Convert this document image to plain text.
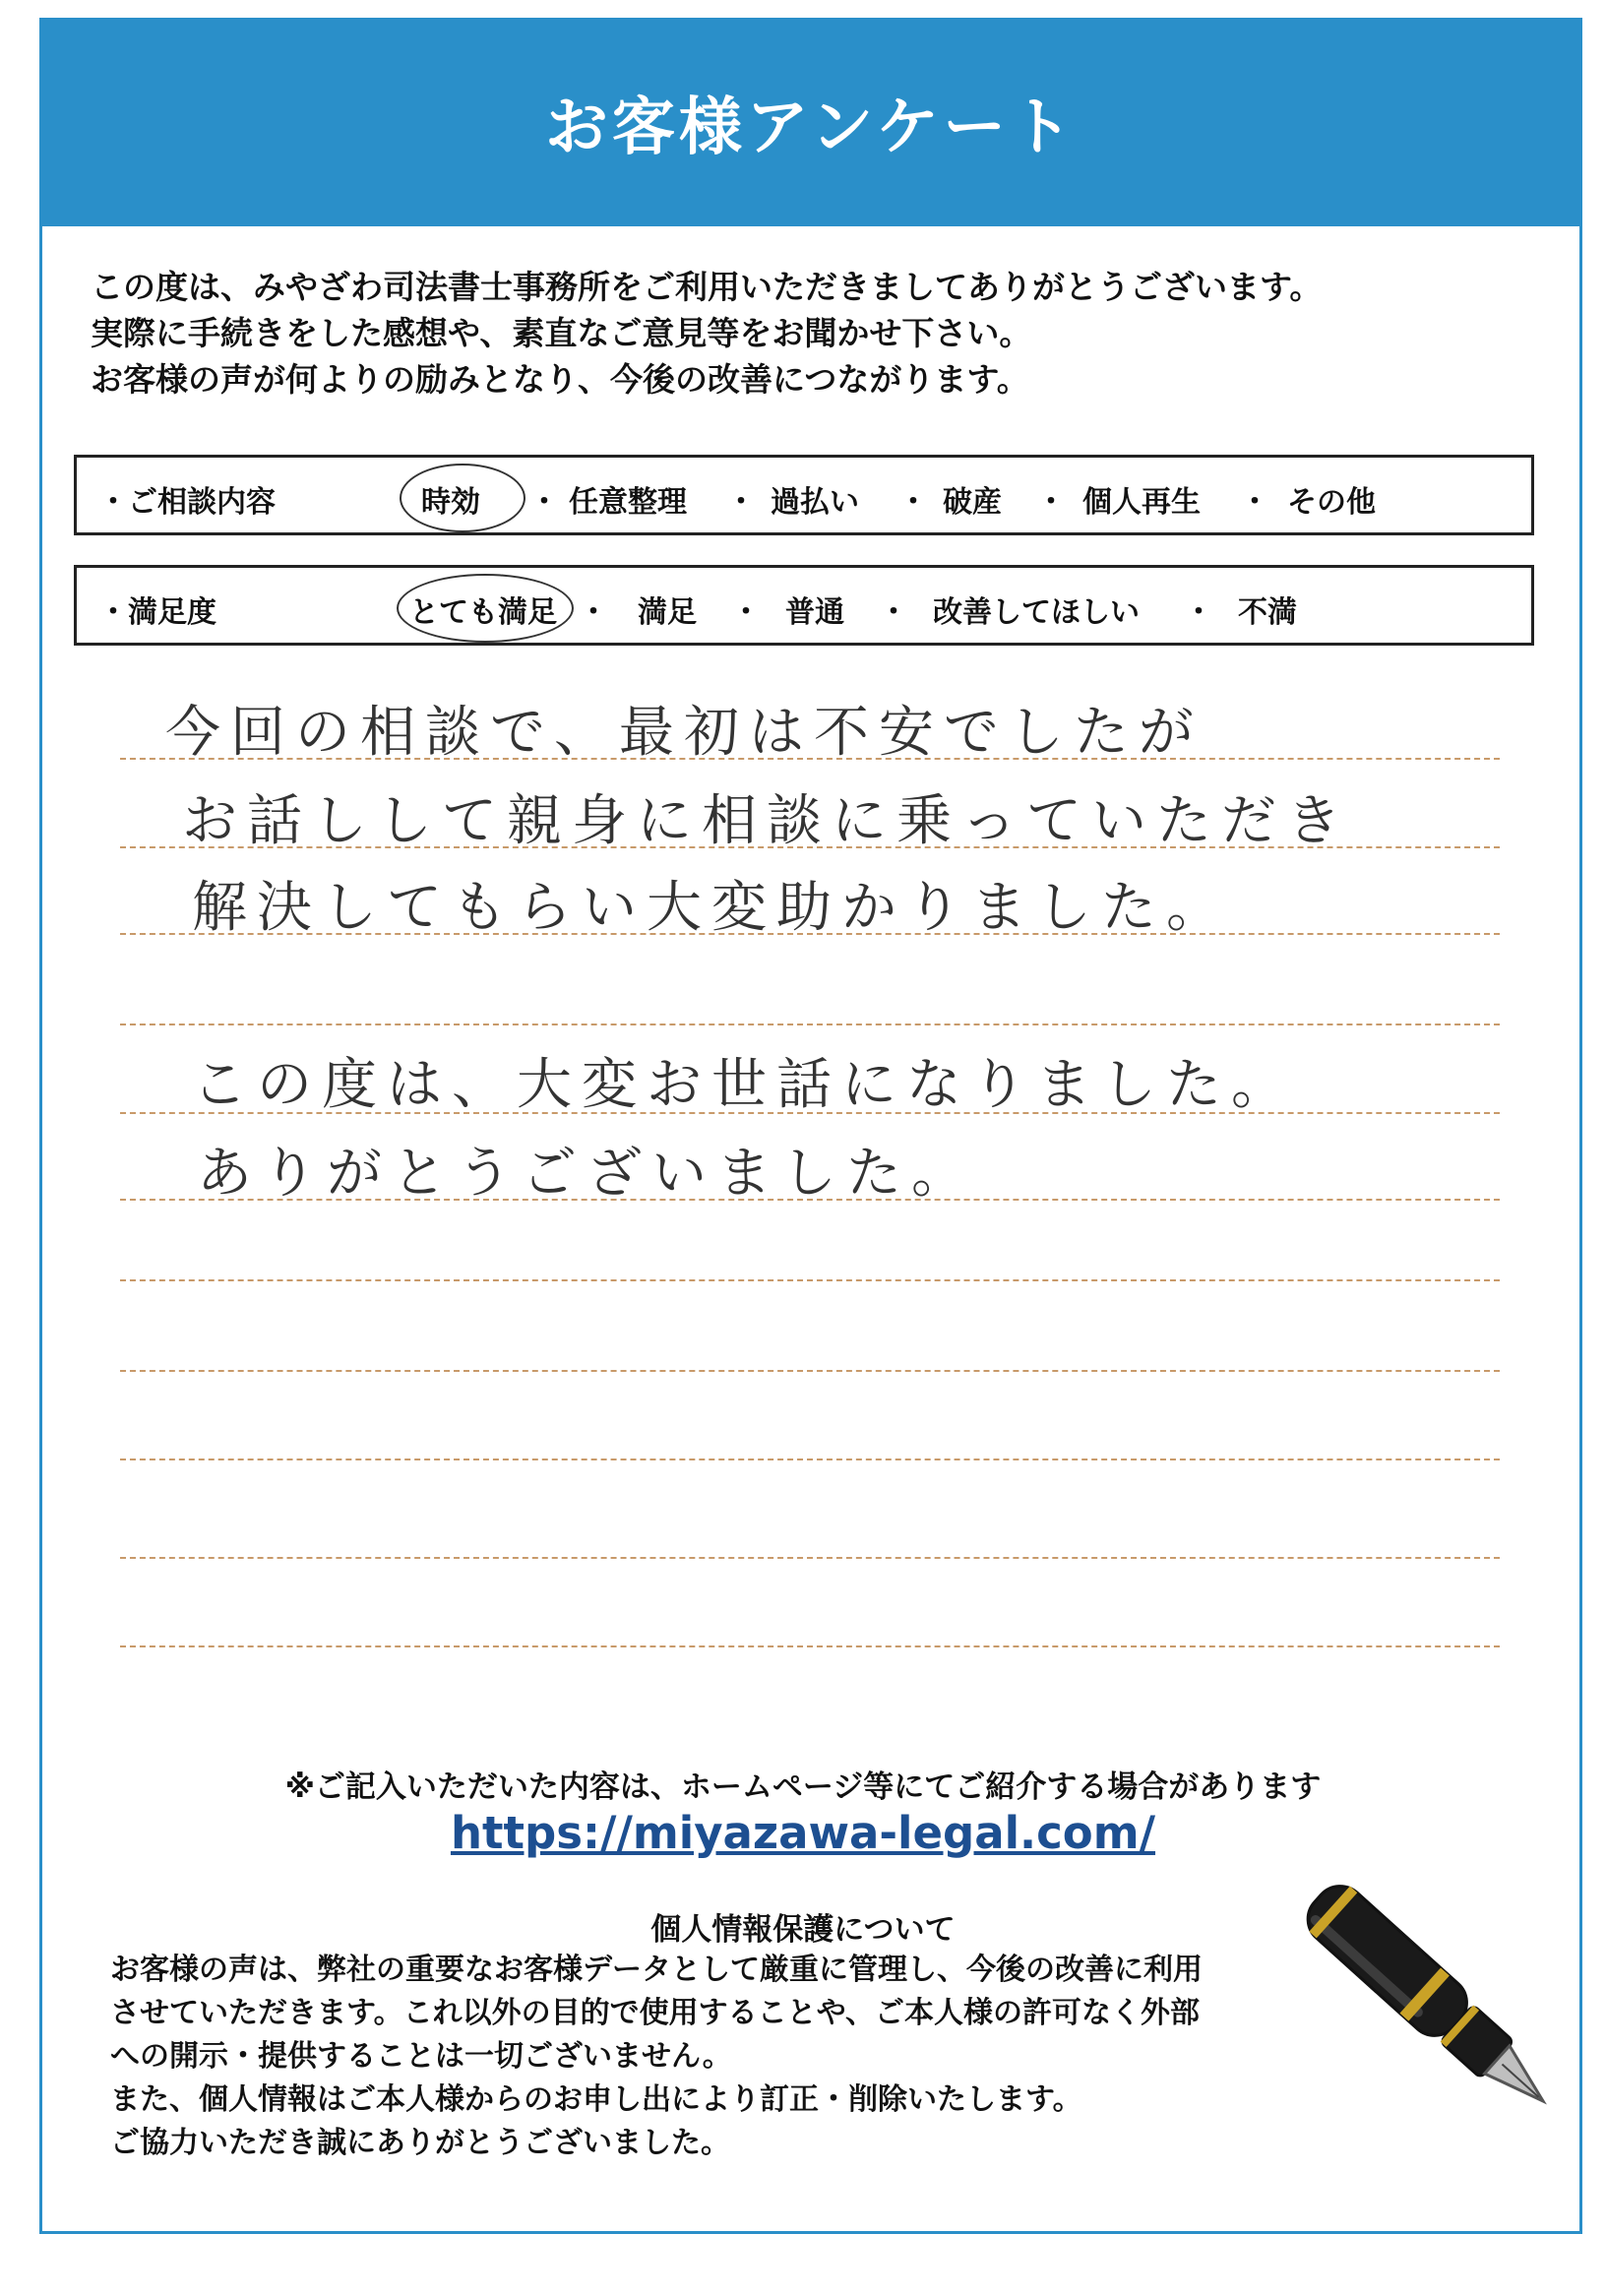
お客様アンケート
この度は、みやざわ司法書士事務所をご利用いただきましてありがとうございます。
実際に手続きをした感想や、素直なご意見等をお聞かせ下さい。
お客様の声が何よりの励みとなり、今後の改善につながります。
・ご相談内容	時効 ・ 任意整理 ・ 過払い ・ 破産 ・ 個人再生 ・ その他
・満足度	とても満足 ・ 満足 ・ 普通 ・ 改善してほしい ・ 不満
今回の相談で、最初は不安でしたが
お話しして親身に相談に乗っていただき
解決してもらい大変助かりました。
この度は、大変お世話になりました。
ありがとうございました。
※ご記入いただいた内容は、ホームページ等にてご紹介する場合があります
https://miyazawa-legal.com/
個人情報保護について
お客様の声は、弊社の重要なお客様データとして厳重に管理し、今後の改善に利用
させていただきます。これ以外の目的で使用することや、ご本人様の許可なく外部
への開示・提供することは一切ございません。
また、個人情報はご本人様からのお申し出により訂正・削除いたします。
ご協力いただき誠にありがとうございました。
